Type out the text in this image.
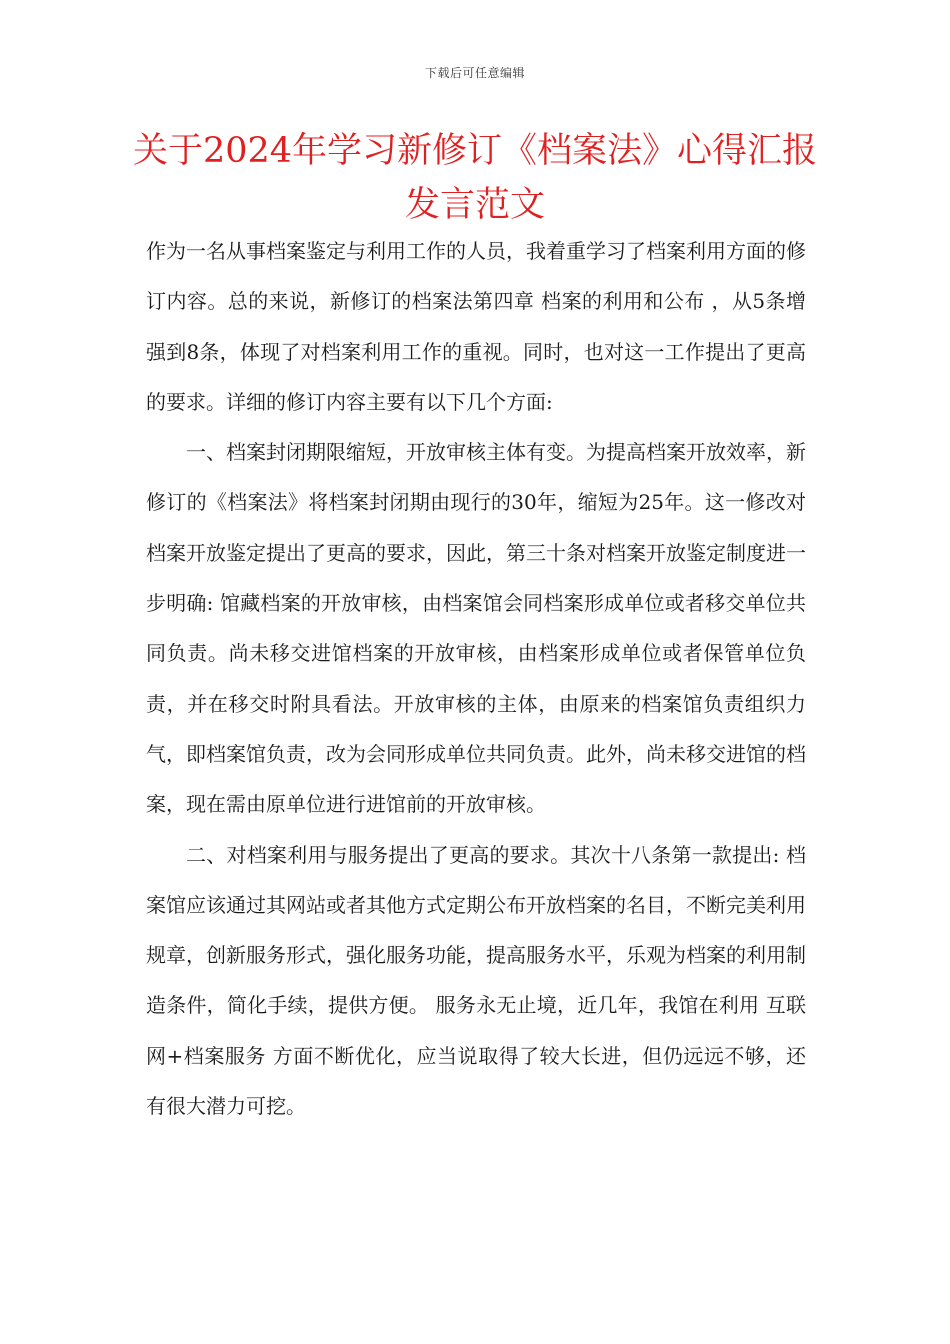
下载后可任意编辑
关于2024年学习新修订《档案法》心得汇报发言范文

作为一名从事档案鉴定与利用工作的人员，我着重学习了档案利用方面的修订内容。总的来说，新修订的档案法第四章 档案的利用和公布 ，从5条增强到8条，体现了对档案利用工作的重视。同时，也对这一工作提出了更高的要求。详细的修订内容主要有以下几个方面:

一、档案封闭期限缩短，开放审核主体有变。为提高档案开放效率，新修订的《档案法》将档案封闭期由现行的30年，缩短为25年。这一修改对档案开放鉴定提出了更高的要求，因此，第三十条对档案开放鉴定制度进一步明确: 馆藏档案的开放审核，由档案馆会同档案形成单位或者移交单位共同负责。尚未移交进馆档案的开放审核，由档案形成单位或者保管单位负责，并在移交时附具看法。开放审核的主体，由原来的档案馆负责组织力气，即档案馆负责，改为会同形成单位共同负责。此外，尚未移交进馆的档案，现在需由原单位进行进馆前的开放审核。

二、对档案利用与服务提出了更高的要求。其次十八条第一款提出: 档案馆应该通过其网站或者其他方式定期公布开放档案的名目，不断完美利用规章，创新服务形式，强化服务功能，提高服务水平，乐观为档案的利用制造条件，简化手续，提供方便。 服务永无止境，近几年，我馆在利用 互联网+档案服务 方面不断优化，应当说取得了较大长进，但仍远远不够，还有很大潜力可挖。
